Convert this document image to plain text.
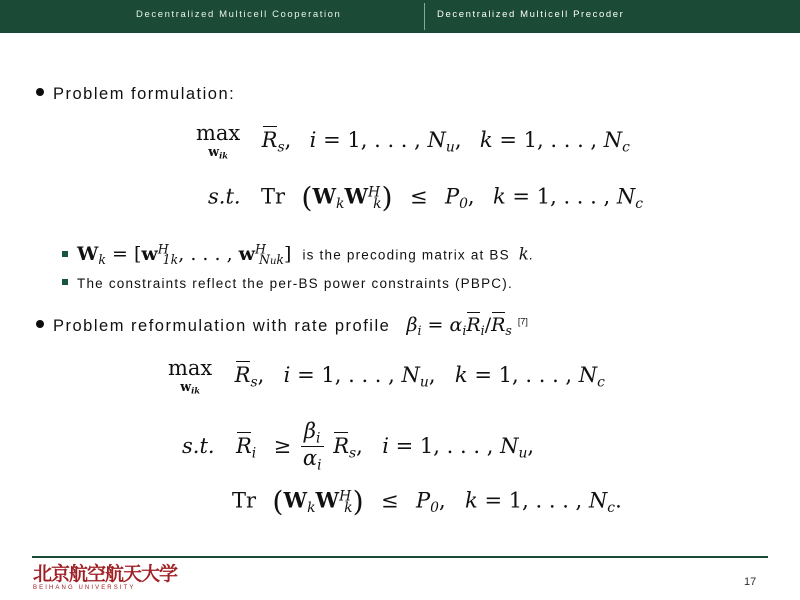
Decentralized Multicell Cooperation	Decentralized Multicell Precoder
Problem formulation:
max
$w_{ik}$

$R_s$, i = 1, . . . , $N_u$, k = 1, . . . , $N_c$
s.t. Tr $(W_kW^H_k) \le P_0$, k = 1, . . . , $N_c$
$W_k = [w^H_{1k}$, . . . , $w^H_{Nuk}$] is the precoding matrix at BS k.
The constraints reflect the per-BS power constraints (PBPC).
Problem reformulation with rate profile $\beta_i = \alpha_i$
$R_i/$
$R_s$ [7]
max
$w_{ik}$

$R_s$, i = 1, . . . , $N_u$, k = 1, . . . , $N_c$
s.t. $R_i \ge \frac{\beta_i}{\alpha_i}$
$R_s$, i = 1, . . . , $N_u$,
Tr $(W_kW^H_k) \le P_0$, k = 1, . . . , $N_c$.
北京航空航天大学
BEIHANG UNIVERSITY	17
